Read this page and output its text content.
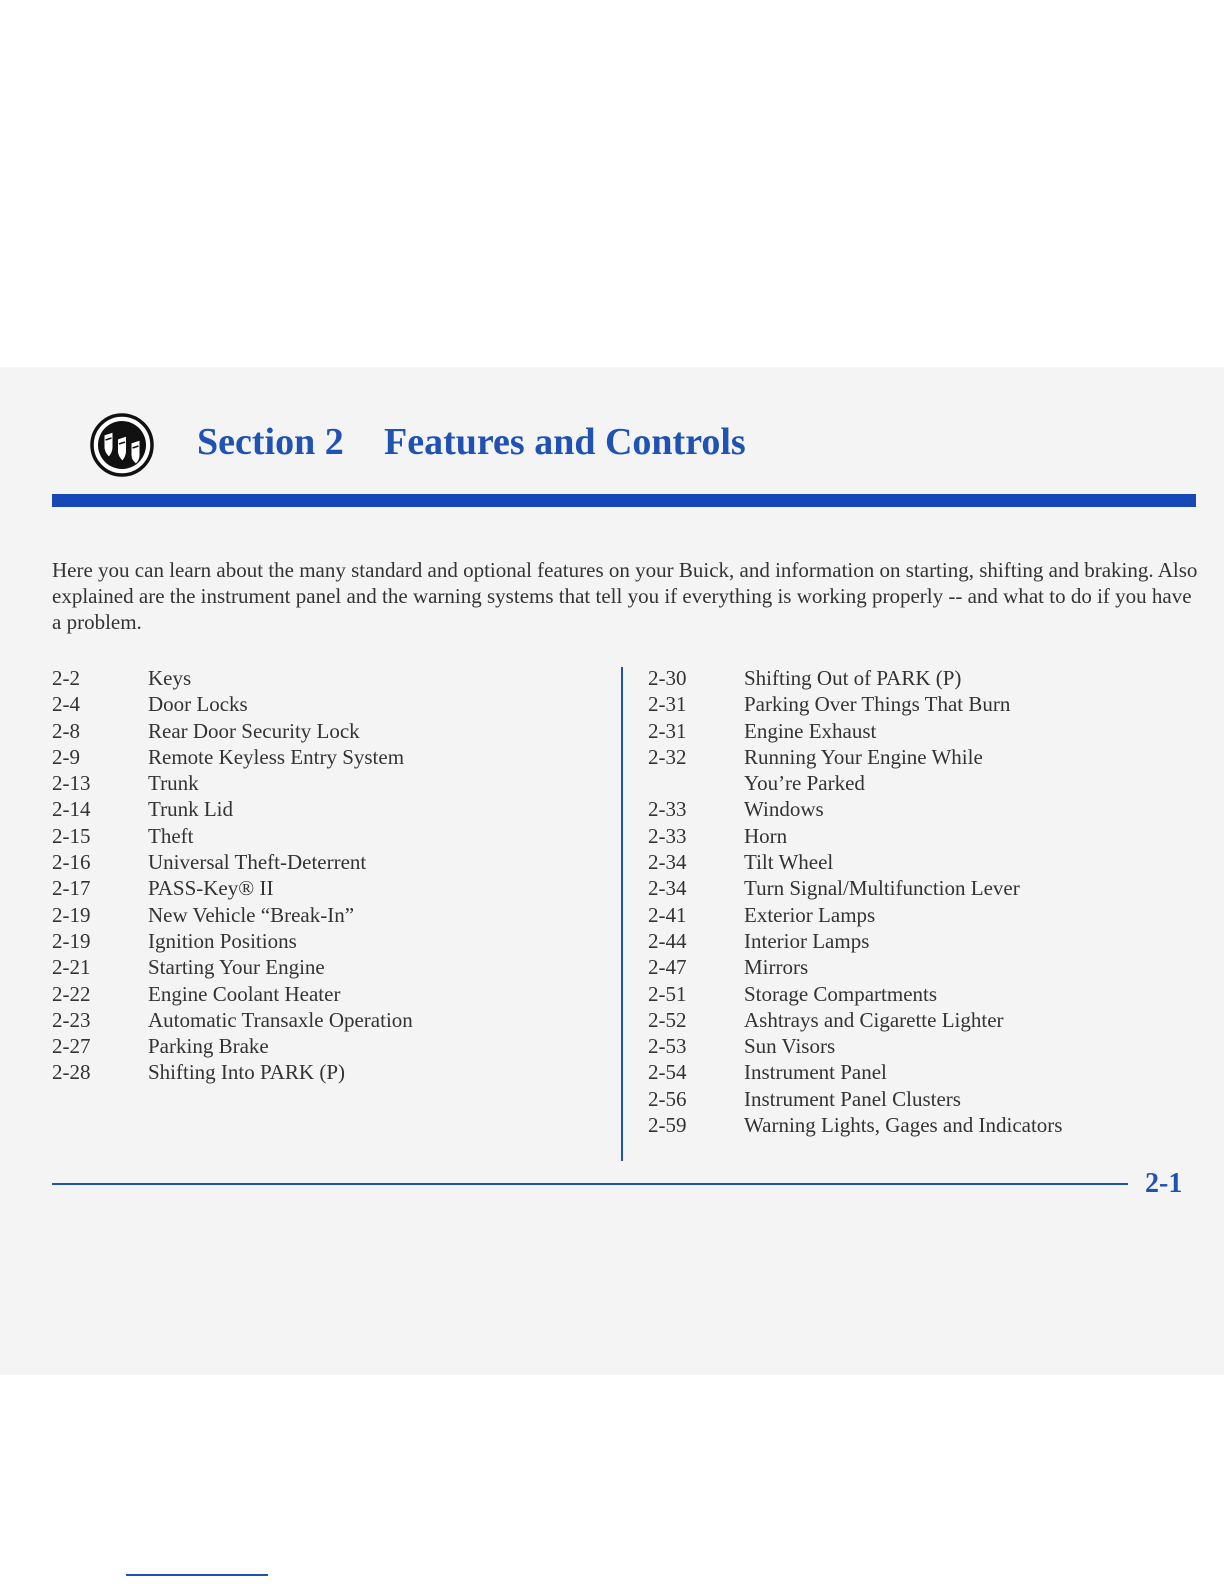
Section 2 Features and Controls

Here you can learn about the many standard and optional features on your Buick, and information on starting, shifting and braking. Also explained are the instrument panel and the warning systems that tell you if everything is working properly -- and what to do if you have a problem.

2-2	Keys
2-4	Door Locks
2-8	Rear Door Security Lock
2-9	Remote Keyless Entry System
2-13	Trunk
2-14	Trunk Lid
2-15	Theft
2-16	Universal Theft-Deterrent
2-17	PASS-Key® II
2-19	New Vehicle “Break-In”
2-19	Ignition Positions
2-21	Starting Your Engine
2-22	Engine Coolant Heater
2-23	Automatic Transaxle Operation
2-27	Parking Brake
2-28	Shifting Into PARK (P)
2-30	Shifting Out of PARK (P)
2-31	Parking Over Things That Burn
2-31	Engine Exhaust
2-32	Running Your Engine While
You’re Parked
2-33	Windows
2-33	Horn
2-34	Tilt Wheel
2-34	Turn Signal/Multifunction Lever
2-41	Exterior Lamps
2-44	Interior Lamps
2-47	Mirrors
2-51	Storage Compartments
2-52	Ashtrays and Cigarette Lighter
2-53	Sun Visors
2-54	Instrument Panel
2-56	Instrument Panel Clusters
2-59	Warning Lights, Gages and Indicators
2-1
